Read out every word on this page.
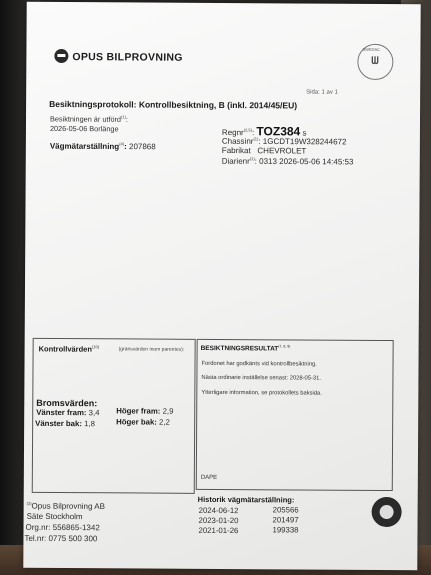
OPUS BILPROVNING
SWEDAC
ᗯ
Sida: 1 av 1
Besiktningsprotokoll: Kontrollbesiktning, B (inkl. 2014/45/EU)
Besiktningen är utförd$^{(1)}$:
2026-05-06 Borlänge
Vägmätarställning$^{(4)}$: 207868
Regnr$^{(2,5)}$: TOZ384 s
Chassinr$^{(1)}$: 1GCDT19W328244672
Fabrikat CHEVROLET
Diarienr$^{(1)}$: 0313 2026-05-06 14:45:53
Kontrollvärden$^{(10)}$	(gränsvärden inom parentes):
Bromsvärden:
Vänster fram: 3,4 Höger fram: 2,9
Vänster bak: 1,8	Höger bak: 2,2
BESIKTNINGSRESULTAT$^{(7, 8, 9)}$
Fordonet har godkänts vid kontrollbesiktning.
Nästa ordinarie inställelse senast: 2028-05-31.
Ytterligare information, se protokollets baksida.
DAPE
$^{(3)}$Opus Bilprovning AB
Säte Stockholm
Org.nr: 556865-1342
Tel.nr: 0775 500 300
Historik vägmätarställning:
2024-06-12	205566
2023-01-20	201497
2021-01-26	199338
